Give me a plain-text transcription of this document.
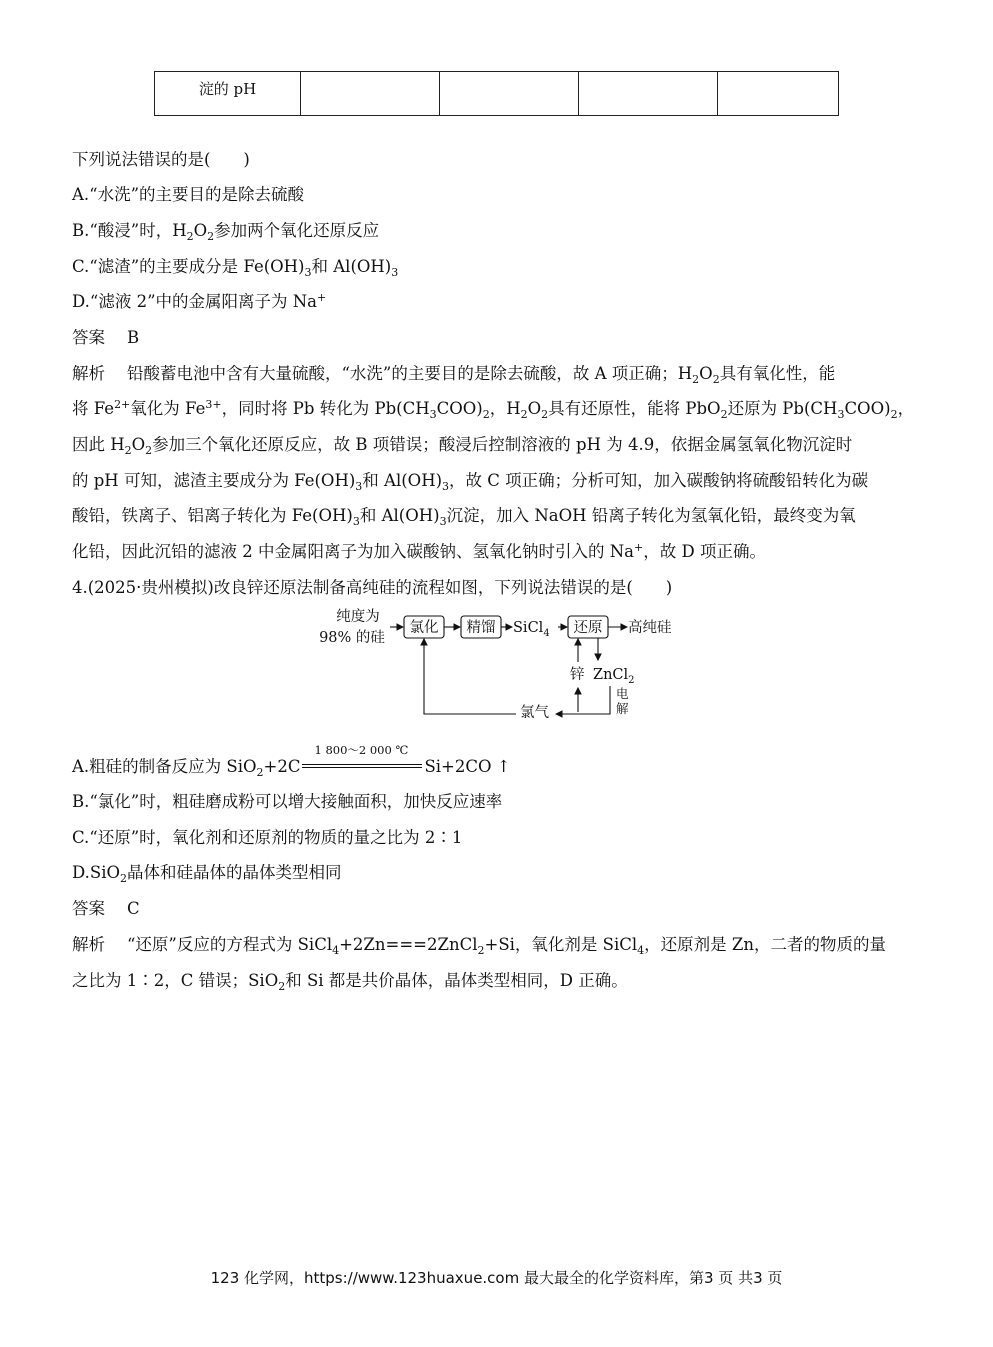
淀的 pH				
下列说法错误的是(　　)
A.“水洗”的主要目的是除去硫酸
B.“酸浸”时，$H_2O_2$参加两个氧化还原反应
C.“滤渣”的主要成分是 $Fe(OH)_3$和 $Al(OH)_3$
D.“滤液 2”中的金属阳离子为 Na+
答案 B
解析 铅酸蓄电池中含有大量硫酸，“水洗”的主要目的是除去硫酸，故 A 项正确；$H_2O_2$具有氧化性，能
将 $Fe^{2+}$氧化为 $Fe^{3+}$，同时将 Pb 转化为 $Pb(CH_3COO)_2$，$H_2O_2$具有还原性，能将 PbO$_2$还原为 $Pb(CH_3COO)_2$，
因此 $H_2O_2$参加三个氧化还原反应，故 B 项错误；酸浸后控制溶液的 pH 为 4.9，依据金属氢氧化物沉淀时
的 pH 可知，滤渣主要成分为 $Fe(OH)_3$和 $Al(OH)_3$，故 C 项正确；分析可知，加入碳酸钠将硫酸铅转化为碳
酸铅，铁离子、铝离子转化为 $Fe(OH)_3$和 $Al(OH)_3$沉淀，加入 NaOH 铅离子转化为氢氧化铅，最终变为氧
化铅，因此沉铅的滤液 2 中金属阳离子为加入碳酸钠、氢氧化钠时引入的 Na+，故 D 项正确。
4.(2025·贵州模拟)改良锌还原法制备高纯硅的流程如图，下列说法错误的是(　　)
纯度为
98% 的硅
氯化 精馏 SiCl$_4$ 还原 高纯硅
锌 ZnCl$_2$
电
解
氯气
A.粗硅的制备反应为 SiO$_2$+2C
1 800～2 000 ℃
Si+2CO ↑
B.“氯化”时，粗硅磨成粉可以增大接触面积，加快反应速率
C.“还原”时，氧化剂和还原剂的物质的量之比为 2∶1
D.SiO$_2$晶体和硅晶体的晶体类型相同
答案 C
解析 “还原”反应的方程式为 SiCl$_4$+2Zn===2ZnCl$_2$+Si，氧化剂是 SiCl$_4$，还原剂是 Zn，二者的物质的量
之比为 1∶2，C 错误；SiO$_2$和 Si 都是共价晶体，晶体类型相同，D 正确。
123 化学网，https://www.123huaxue.com 最大最全的化学资料库，第3 页 共3 页
